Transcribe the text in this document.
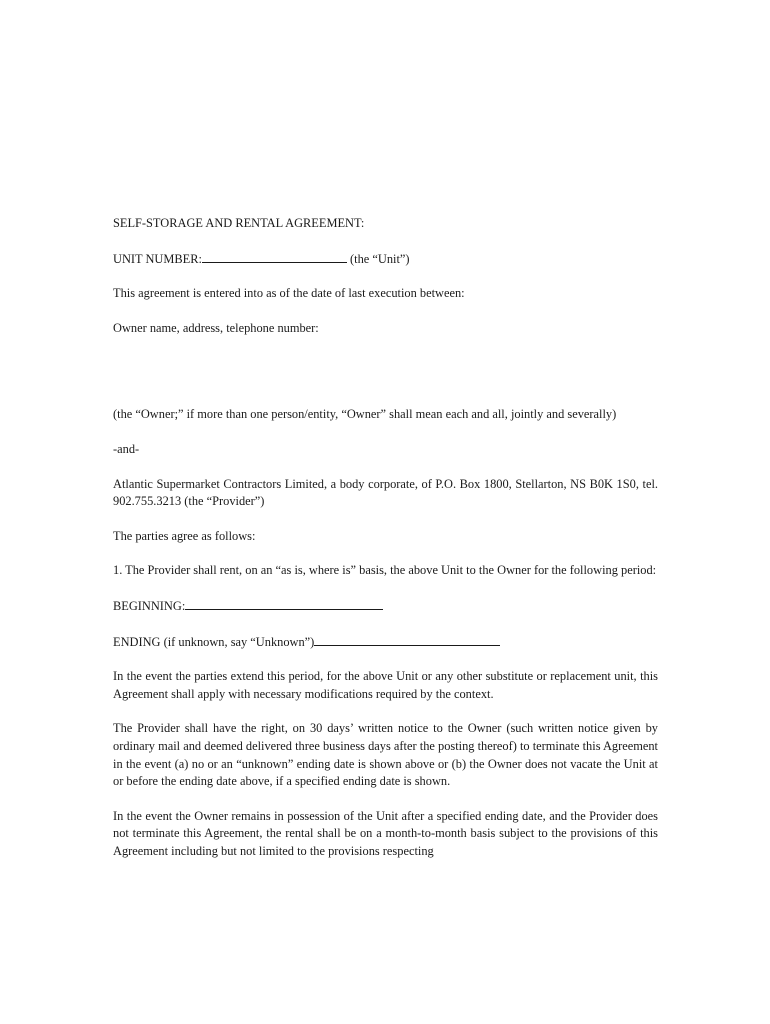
SELF-STORAGE AND RENTAL AGREEMENT:

UNIT NUMBER:	(the “Unit”)

This agreement is entered into as of the date of last execution between:

Owner name, address, telephone number:

(the “Owner;” if more than one person/entity, “Owner” shall mean each and all, jointly and severally)

-and-

Atlantic Supermarket Contractors Limited, a body corporate, of P.O. Box 1800, Stellarton, NS B0K 1S0, tel. 902.755.3213 (the “Provider”)

The parties agree as follows:

1. The Provider shall rent, on an “as is, where is” basis, the above Unit to the Owner for the following period:

BEGINNING:

ENDING (if unknown, say “Unknown”)

In the event the parties extend this period, for the above Unit or any other substitute or replacement unit, this Agreement shall apply with necessary modifications required by the context.

The Provider shall have the right, on 30 days’ written notice to the Owner (such written notice given by ordinary mail and deemed delivered three business days after the posting thereof) to terminate this Agreement in the event (a) no or an “unknown” ending date is shown above or (b) the Owner does not vacate the Unit at or before the ending date above, if a specified ending date is shown.

In the event the Owner remains in possession of the Unit after a specified ending date, and the Provider does not terminate this Agreement, the rental shall be on a month-to-month basis subject to the provisions of this Agreement including but not limited to the provisions respecting
